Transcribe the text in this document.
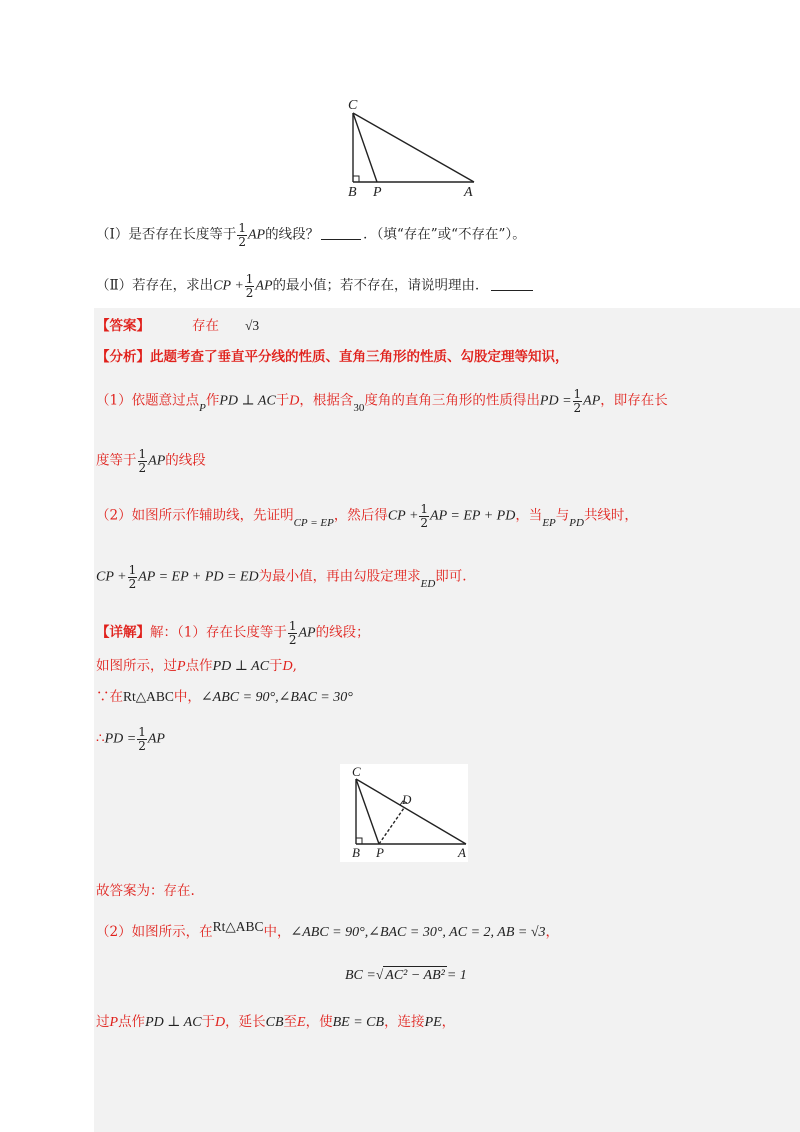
C
B P	A
（Ⅰ）是否存在长度等于 $\frac{1}{2}$ AP的线段？	．（填“存在”或“不存在”）。
（Ⅱ）若存在，求出CP + $\frac{1}{2}$ AP的最小值；若不存在，请说明理由．
【答案】	存在 √3
【分析】此题考查了垂直平分线的性质、直角三角形的性质、勾股定理等知识，
（1）依题意过点$_P$作PD ⊥ AC于D，根据含$_{30}$度角的直角三角形的性质得出PD = $\frac{1}{2}$ AP，即存在长
度等于 $\frac{1}{2}$ AP的线段
（2）如图所示作辅助线，先证明$_{CP = EP}$，然后得CP + $\frac{1}{2}$ AP = EP + PD，当$_{EP}$与$_{PD}$共线时，
CP + $\frac{1}{2}$ AP = EP + PD = ED为最小值，再由勾股定理求$_{ED}$即可.
【详解】解：（1）存在长度等于 $\frac{1}{2}$ AP的线段；
如图所示，过P点作PD ⊥ AC于D,
∵在Rt△ABC中，∠ABC = 90°,∠BAC = 30°
∴PD = $\frac{1}{2}$ AP
C
D
B P	A
故答案为：存在.
（2）如图所示，在Rt△ABC中，∠ABC = 90°,∠BAC = 30°, AC = 2, AB = √3，
BC =√ AC² − AB² = 1
过P点作PD ⊥ AC于D，延长CB至E，使BE = CB，连接PE，
